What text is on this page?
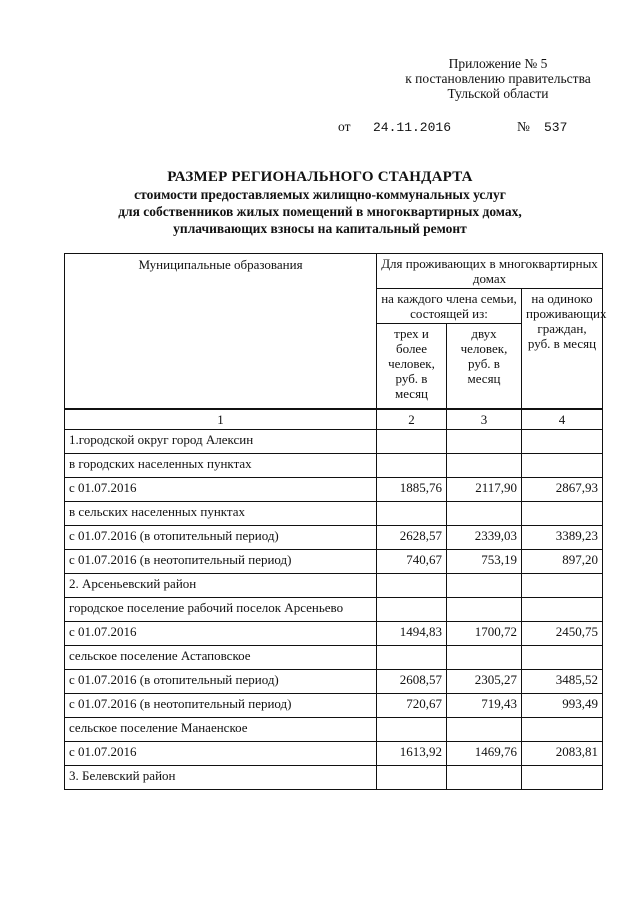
Приложение № 5
к постановлению правительства
Тульской области
от 24.11.2016	№ 537
РАЗМЕР РЕГИОНАЛЬНОГО СТАНДАРТА
стоимости предоставляемых жилищно-коммунальных услуг
для собственников жилых помещений в многоквартирных домах,
уплачивающих взносы на капитальный ремонт
Муниципальные образования	Для проживающих в многоквартирных домах		
	на каждого члена семьи, состоящей из:		на одиноко проживающих граждан, руб. в месяц
	трех и более человек, руб. в месяц	двух человек, руб. в месяц	
1	2	3	4
1.городской округ город Алексин			
в городских населенных пунктах			
с 01.07.2016	1885,76	2117,90	2867,93
в сельских населенных пунктах			
с 01.07.2016 (в отопительный период)	2628,57	2339,03	3389,23
с 01.07.2016 (в неотопительный период)	740,67	753,19	897,20
2. Арсеньевский район			
городское поселение рабочий поселок Арсеньево			
с 01.07.2016	1494,83	1700,72	2450,75
сельское поселение Астаповское			
с 01.07.2016 (в отопительный период)	2608,57	2305,27	3485,52
с 01.07.2016 (в неотопительный период)	720,67	719,43	993,49
сельское поселение Манаенское			
с 01.07.2016	1613,92	1469,76	2083,81
3. Белевский район			
